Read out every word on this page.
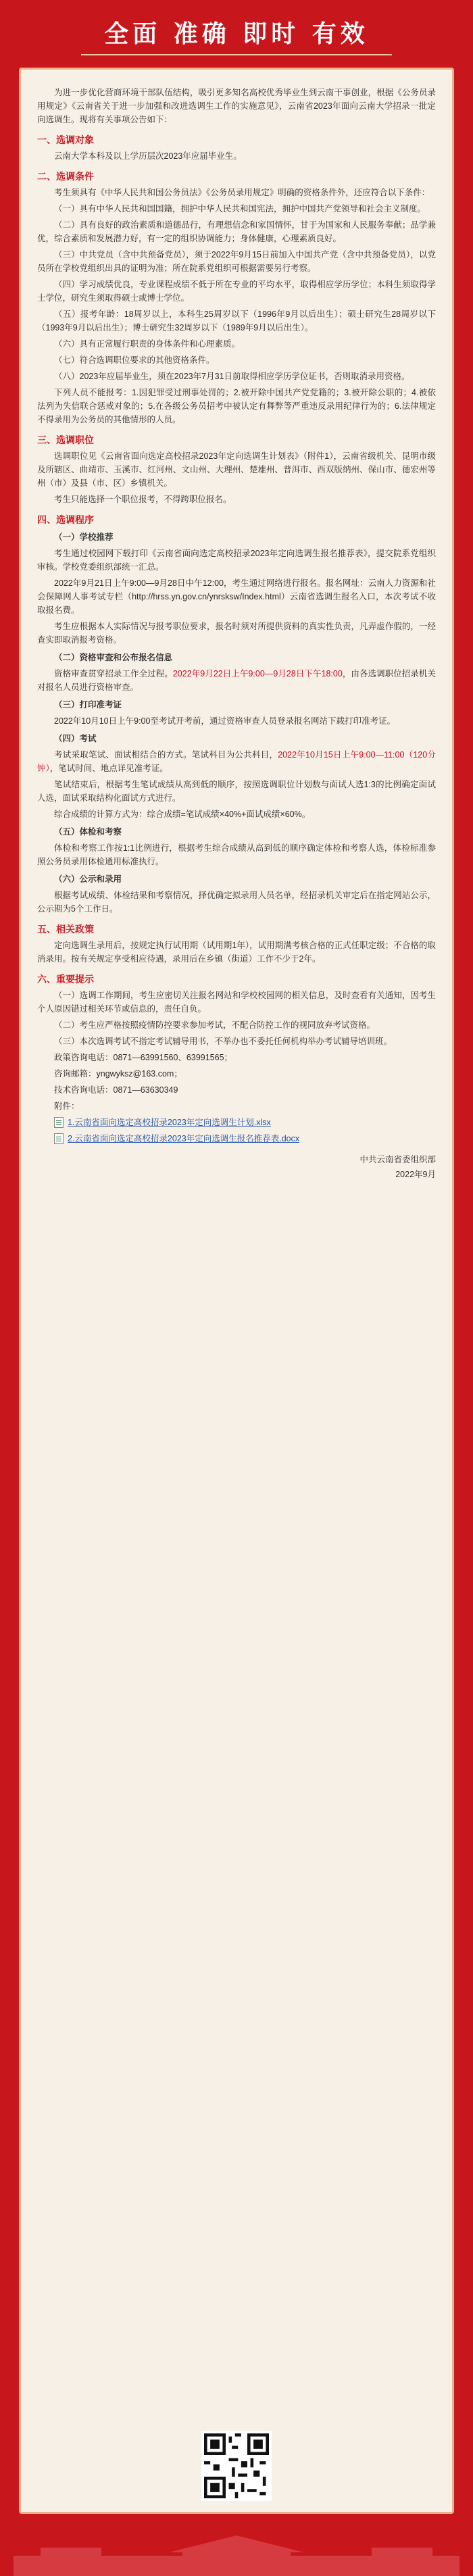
全面 准确 即时 有效

为进一步优化营商环境干部队伍结构，吸引更多知名高校优秀毕业生到云南干事创业，根据《公务员录用规定》《云南省关于进一步加强和改进选调生工作的实施意见》，云南省2023年面向云南大学招录一批定向选调生。现将有关事项公告如下：

一、选调对象

云南大学本科及以上学历层次2023年应届毕业生。

二、选调条件

考生须具有《中华人民共和国公务员法》《公务员录用规定》明确的资格条件外，还应符合以下条件：

（一）具有中华人民共和国国籍，拥护中华人民共和国宪法，拥护中国共产党领导和社会主义制度。

（二）具有良好的政治素质和道德品行，有理想信念和家国情怀，甘于为国家和人民服务奉献；品学兼优，综合素质和发展潜力好，有一定的组织协调能力；身体健康，心理素质良好。

（三）中共党员（含中共预备党员），须于2022年9月15日前加入中国共产党（含中共预备党员），以党员所在学校党组织出具的证明为准；所在院系党组织可根据需要另行考察。

（四）学习成绩优良，专业课程成绩不低于所在专业的平均水平，取得相应学历学位；本科生须取得学士学位，研究生须取得硕士或博士学位。

（五）报考年龄：18周岁以上，本科生25周岁以下（1996年9月以后出生）；硕士研究生28周岁以下（1993年9月以后出生）；博士研究生32周岁以下（1989年9月以后出生）。

（六）具有正常履行职责的身体条件和心理素质。

（七）符合选调职位要求的其他资格条件。

（八）2023年应届毕业生，须在2023年7月31日前取得相应学历学位证书，否则取消录用资格。

下列人员不能报考：1.因犯罪受过刑事处罚的；2.被开除中国共产党党籍的；3.被开除公职的；4.被依法列为失信联合惩戒对象的；5.在各级公务员招考中被认定有舞弊等严重违反录用纪律行为的；6.法律规定不得录用为公务员的其他情形的人员。

三、选调职位

选调职位见《云南省面向选定高校招录2023年定向选调生计划表》（附件1），云南省级机关、昆明市级及所辖区、曲靖市、玉溪市、红河州、文山州、大理州、楚雄州、普洱市、西双版纳州、保山市、德宏州等州（市）及县（市、区）乡镇机关。

考生只能选择一个职位报考，不得跨职位报名。

四、选调程序
（一）学校推荐

考生通过校园网下载打印《云南省面向选定高校招录2023年定向选调生报名推荐表》，提交院系党组织审核。学校党委组织部统一汇总。

2022年9月21日上午9:00—9月28日中午12:00，考生通过网络进行报名。报名网址：云南人力资源和社会保障网人事考试专栏（http://hrss.yn.gov.cn/ynrsksw/Index.html）云南省选调生报名入口，本次考试不收取报名费。

考生应根据本人实际情况与报考职位要求，报名时须对所提供资料的真实性负责，凡弄虚作假的，一经查实即取消报考资格。

（二）资格审查和公布报名信息

资格审查贯穿招录工作全过程。2022年9月22日上午9:00—9月28日下午18:00，由各选调职位招录机关对报名人员进行资格审查。

（三）打印准考证

2022年10月10日上午9:00至考试开考前，通过资格审查人员登录报名网站下载打印准考证。

（四）考试

考试采取笔试、面试相结合的方式。笔试科目为公共科目，2022年10月15日上午9:00—11:00（120分钟），笔试时间、地点详见准考证。

笔试结束后，根据考生笔试成绩从高到低的顺序，按照选调职位计划数与面试人选1:3的比例确定面试人选，面试采取结构化面试方式进行。

综合成绩的计算方式为：综合成绩=笔试成绩×40%+面试成绩×60%。

（五）体检和考察

体检和考察工作按1:1比例进行，根据考生综合成绩从高到低的顺序确定体检和考察人选，体检标准参照公务员录用体检通用标准执行。

（六）公示和录用

根据考试成绩、体检结果和考察情况，择优确定拟录用人员名单，经招录机关审定后在指定网站公示，公示期为5个工作日。

五、相关政策

定向选调生录用后，按规定执行试用期（试用期1年），试用期满考核合格的正式任职定级；不合格的取消录用。按有关规定享受相应待遇，录用后在乡镇（街道）工作不少于2年。

六、重要提示

（一）选调工作期间，考生应密切关注报名网站和学校校园网的相关信息，及时查看有关通知，因考生个人原因错过相关环节或信息的，责任自负。

（二）考生应严格按照疫情防控要求参加考试，不配合防控工作的视同放弃考试资格。

（三）本次选调考试不指定考试辅导用书，不举办也不委托任何机构举办考试辅导培训班。

政策咨询电话：0871—63991560、63991565；

咨询邮箱：yngwyksz@163.com；

技术咨询电话：0871—63630349

附件：

1.云南省面向选定高校招录2023年定向选调生计划.xlsx
2.云南省面向选定高校招录2023年定向选调生报名推荐表.docx
中共云南省委组织部
2022年9月
